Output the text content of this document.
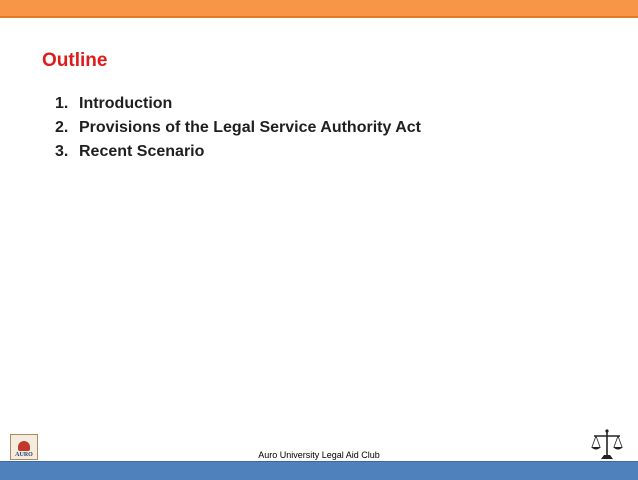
Outline
1. Introduction
2. Provisions of the Legal Service Authority Act
3. Recent Scenario
AURO	Auro University Legal Aid Club
